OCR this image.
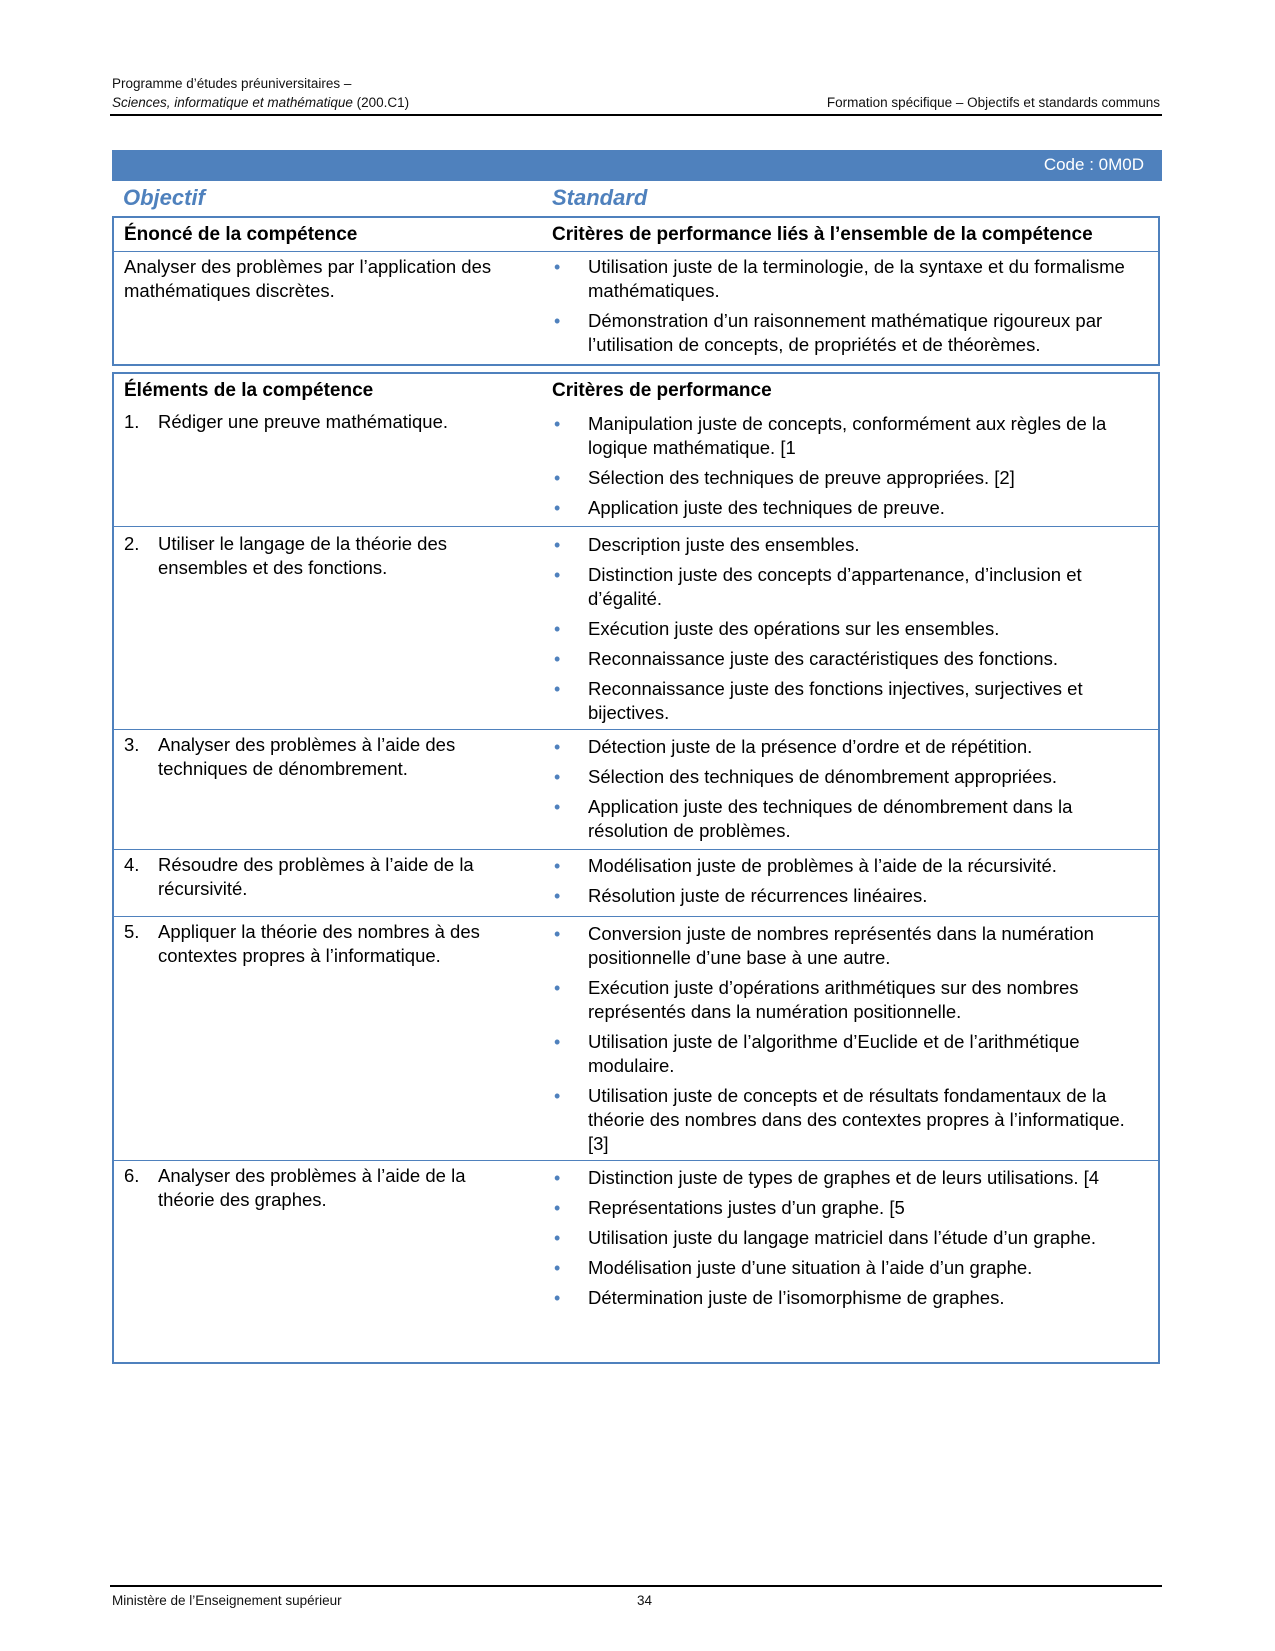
Programme d’études préuniversitaires –
Sciences, informatique et mathématique (200.C1)	Formation spécifique – Objectifs et standards communs
Code : 0M0D
Objectif	Standard
Énoncé de la compétence	Critères de performance liés à l’ensemble de la compétence
Analyser des problèmes par l’application des mathématiques discrètes.
• Utilisation juste de la terminologie, de la syntaxe et du formalisme mathématiques.
• Démonstration d’un raisonnement mathématique rigoureux par l’utilisation de concepts, de propriétés et de théorèmes.
Éléments de la compétence	Critères de performance
1.	Rédiger une preuve mathématique.
•	Manipulation juste de concepts, conformément aux règles de la logique mathématique. [1
• Sélection des techniques de preuve appropriées. [2]
• Application juste des techniques de preuve.
2.	Utiliser le langage de la théorie des ensembles et des fonctions.
• Description juste des ensembles.
• Distinction juste des concepts d’appartenance, d’inclusion et d’égalité.
• Exécution juste des opérations sur les ensembles.
• Reconnaissance juste des caractéristiques des fonctions.
• Reconnaissance juste des fonctions injectives, surjectives et bijectives.
3.	Analyser des problèmes à l’aide des techniques de dénombrement.
• Détection juste de la présence d’ordre et de répétition.
• Sélection des techniques de dénombrement appropriées.
• Application juste des techniques de dénombrement dans la résolution de problèmes.
4.	Résoudre des problèmes à l’aide de la récursivité.
• Modélisation juste de problèmes à l’aide de la récursivité.
• Résolution juste de récurrences linéaires.
5.	Appliquer la théorie des nombres à des contextes propres à l’informatique.
• Conversion juste de nombres représentés dans la numération positionnelle d’une base à une autre.
• Exécution juste d’opérations arithmétiques sur des nombres représentés dans la numération positionnelle.
• Utilisation juste de l’algorithme d’Euclide et de l’arithmétique modulaire.
• Utilisation juste de concepts et de résultats fondamentaux de la théorie des nombres dans des contextes propres à l’informatique. [3]
6.	Analyser des problèmes à l’aide de la théorie des graphes.
• Distinction juste de types de graphes et de leurs utilisations. [4
• Représentations justes d’un graphe. [5
• Utilisation juste du langage matriciel dans l’étude d’un graphe.
• Modélisation juste d’une situation à l’aide d’un graphe.
• Détermination juste de l’isomorphisme de graphes.
Ministère de l’Enseignement supérieur	34
